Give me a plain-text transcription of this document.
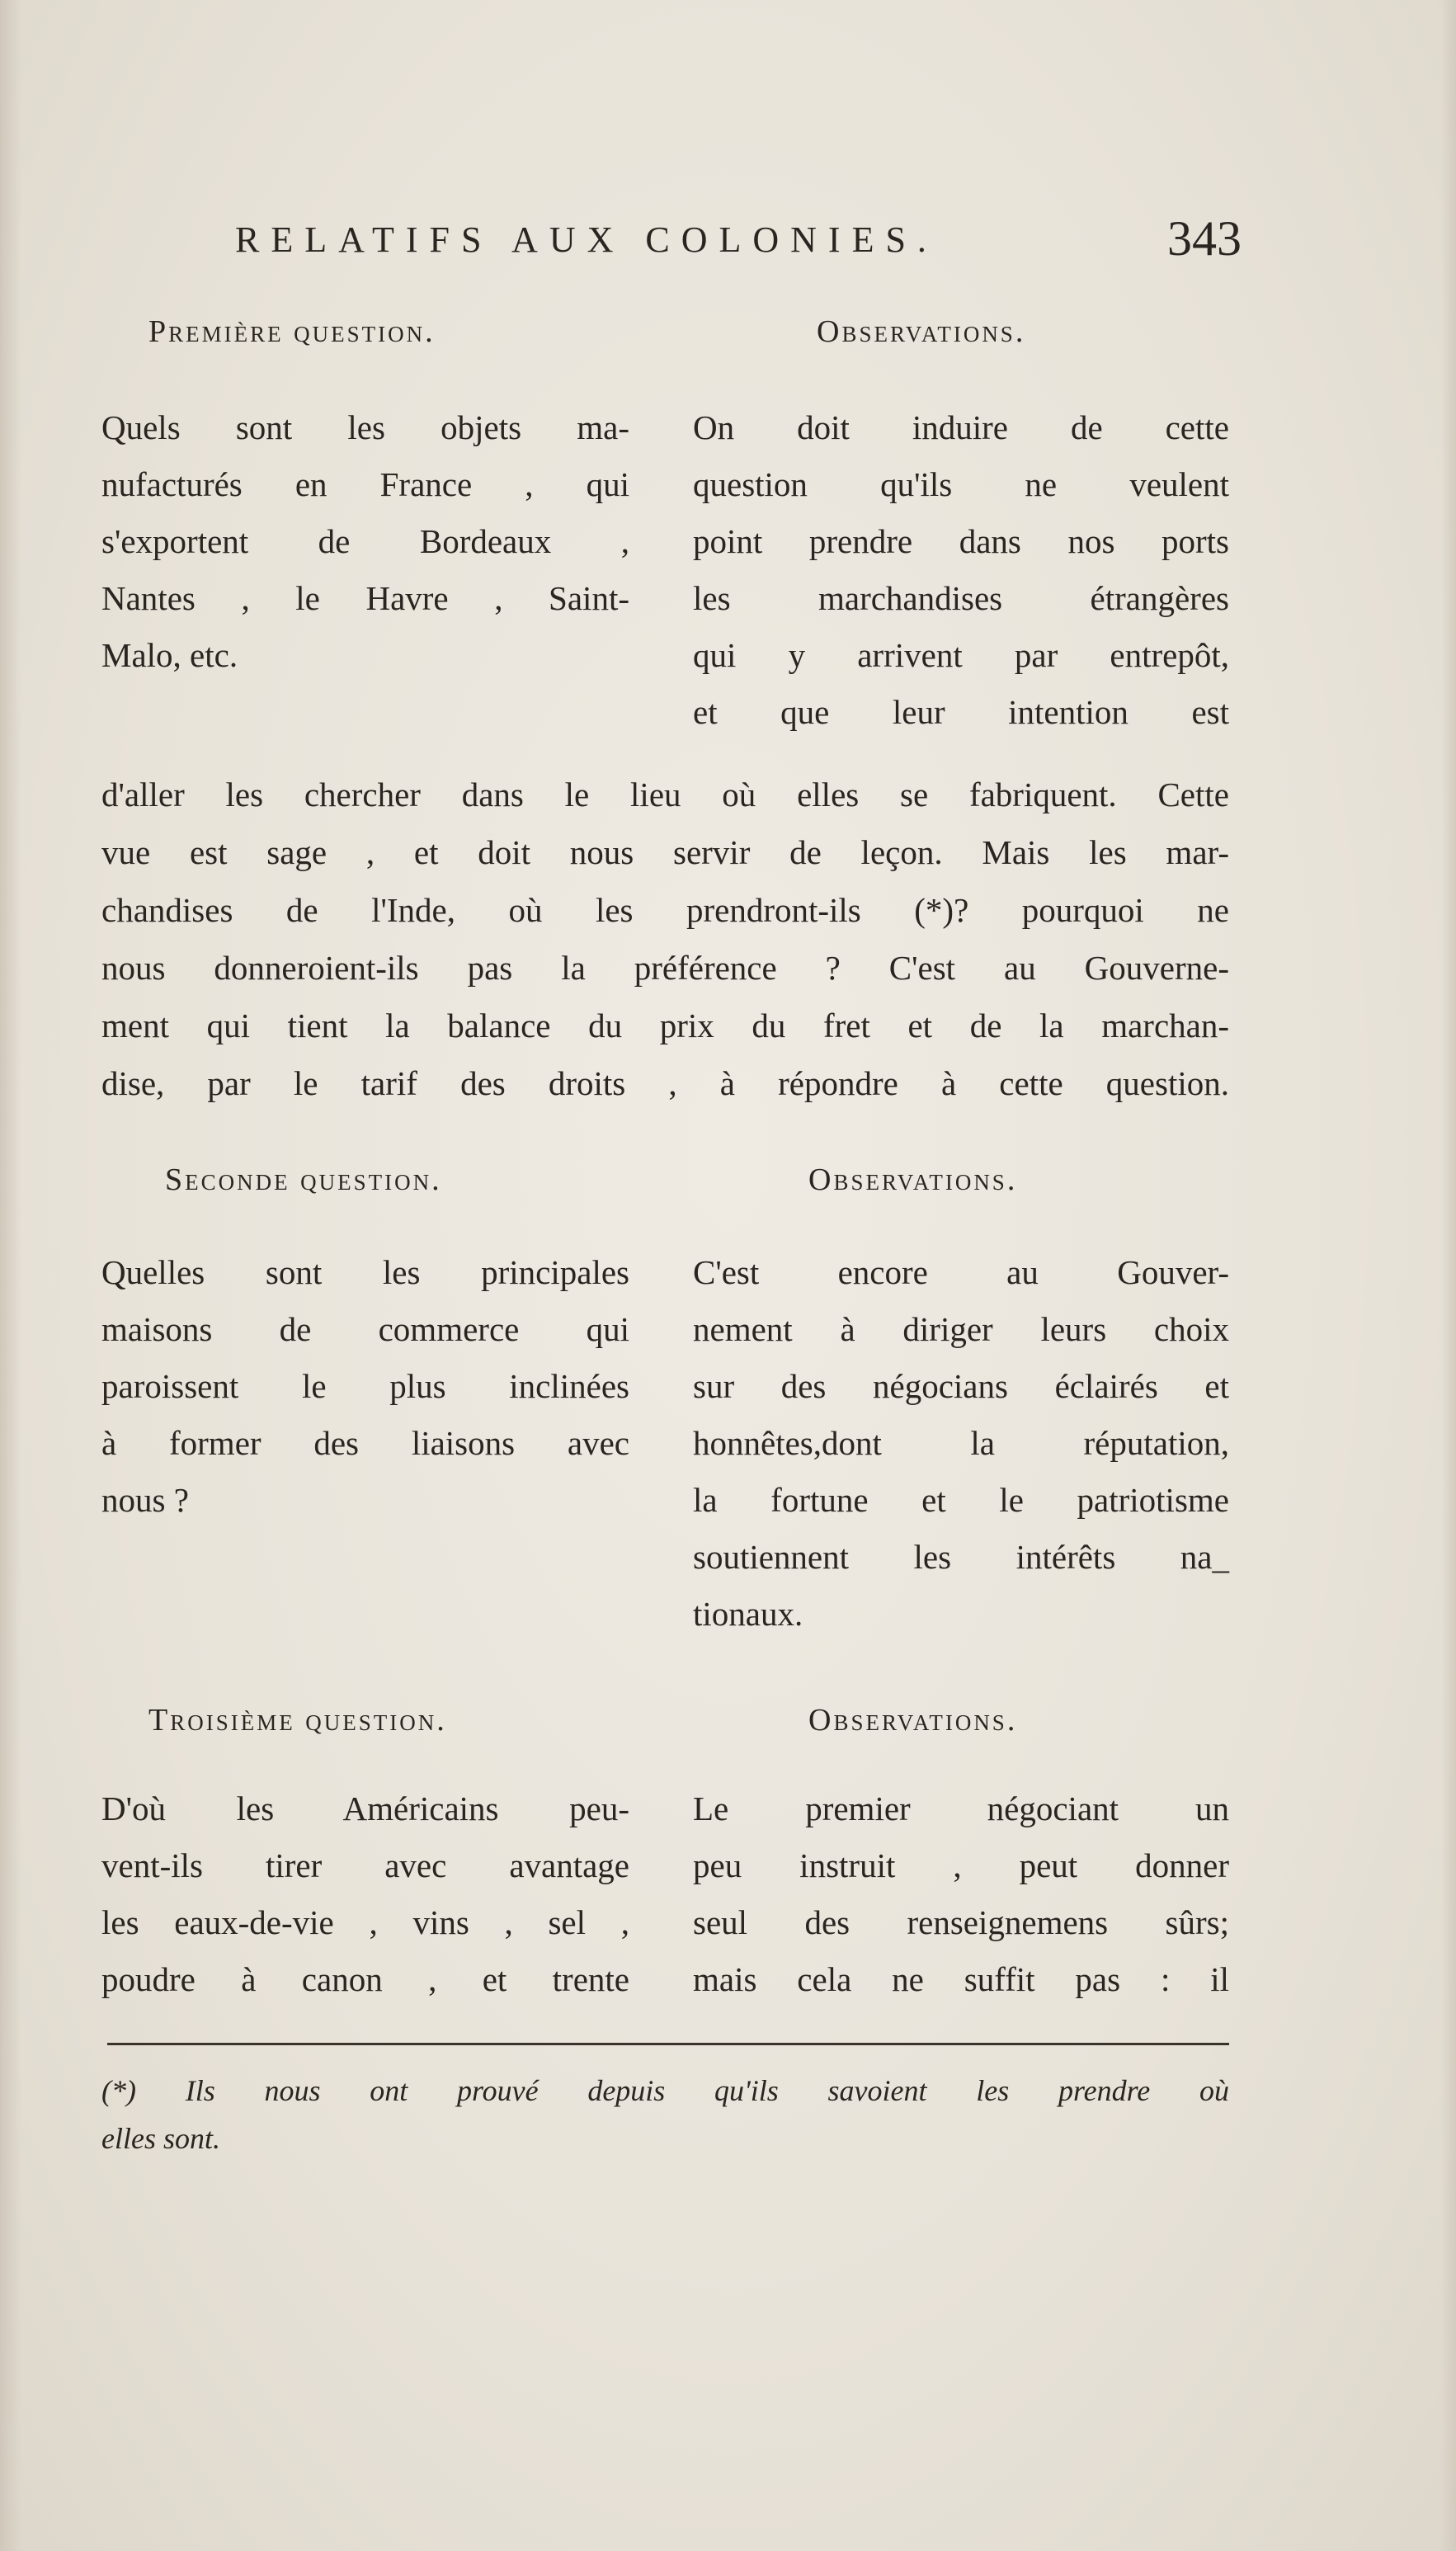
RELATIFS AUX COLONIES.	343
Première question.	Observations.
Quels sont les objets ma-
nufacturés en France , qui
s'exportent de Bordeaux ,
Nantes , le Havre , Saint-
Malo, etc.
On doit induire de cette
question qu'ils ne veulent
point prendre dans nos ports
les marchandises étrangères
qui y arrivent par entrepôt,
et que leur intention est
d'aller les chercher dans le lieu où elles se fabriquent. Cette
vue est sage , et doit nous servir de leçon. Mais les mar-
chandises de l'Inde, où les prendront-ils (*)? pourquoi ne
nous donneroient-ils pas la préférence ? C'est au Gouverne-
ment qui tient la balance du prix du fret et de la marchan-
dise, par le tarif des droits , à répondre à cette question.
Seconde question.	Observations.
Quelles sont les principales
maisons de commerce qui
paroissent le plus inclinées
à former des liaisons avec
nous ?
C'est encore au Gouver-
nement à diriger leurs choix
sur des négocians éclairés et
honnêtes,dont la réputation,
la fortune et le patriotisme
soutiennent les intérêts na_
tionaux.
Troisième question.	Observations.
D'où les Américains peu-
vent-ils tirer avec avantage
les eaux-de-vie , vins , sel ,
poudre à canon , et trente
Le premier négociant un
peu instruit , peut donner
seul des renseignemens sûrs;
mais cela ne suffit pas : il
(*) Ils nous ont prouvé depuis qu'ils savoient les prendre où
elles sont.
